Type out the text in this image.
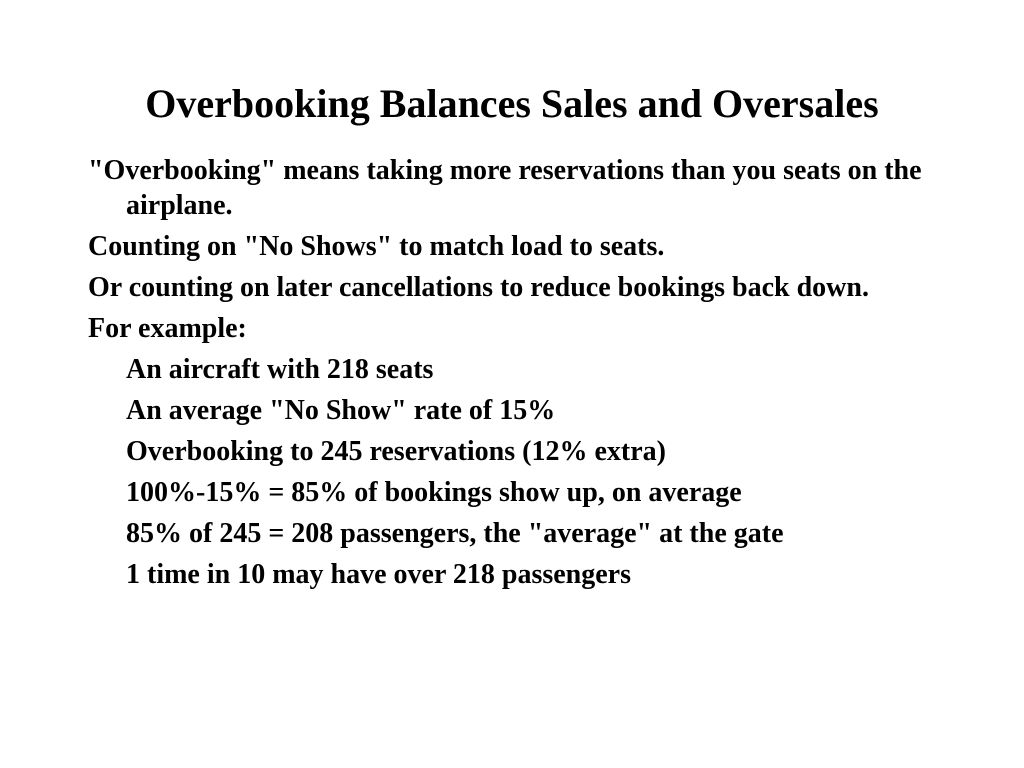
Overbooking Balances Sales and Oversales

"Overbooking" means taking more reservations than you seats on the airplane.

Counting on "No Shows" to match load to seats.

Or counting on later cancellations to reduce bookings back down.

For example:

An aircraft with 218 seats

An average "No Show" rate of 15%

Overbooking to 245 reservations (12% extra)

100%-15% = 85% of bookings show up, on average

85% of 245 = 208 passengers, the "average" at the gate

1 time in 10 may have over 218 passengers
